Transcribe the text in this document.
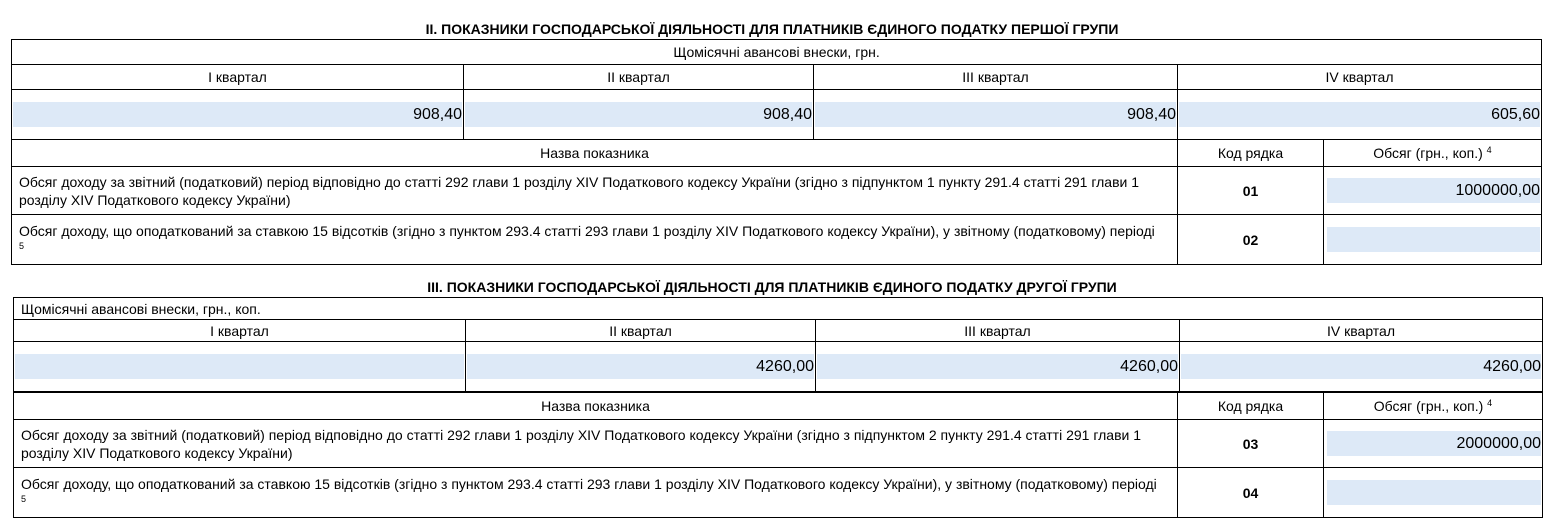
II. ПОКАЗНИКИ ГОСПОДАРСЬКОЇ ДІЯЛЬНОСТІ ДЛЯ ПЛАТНИКІВ ЄДИНОГО ПОДАТКУ ПЕРШОЇ ГРУПИ
Щомісячні авансові внески, грн.			
I квартал	II квартал	III квартал	IV квартал

908,40	908,40	908,40	605,60
Назва показника	Код рядка	Обсяг (грн., коп.) $^4$
Обсяг доходу за звітний (податковий) період відповідно до статті 292 глави 1 розділу XIV Податкового кодексу України (згідно з підпунктом 1 пункту 291.4 статті 291 глави 1 розділу XIV Податкового кодексу України)	01	1000000,00

Обсяг доходу, що оподаткований за ставкою 15 відсотків (згідно з пунктом 293.4 статті 293 глави 1 розділу XIV Податкового кодексу України), у звітному (податковому) періоді $^5$	02	
III. ПОКАЗНИКИ ГОСПОДАРСЬКОЇ ДІЯЛЬНОСТІ ДЛЯ ПЛАТНИКІВ ЄДИНОГО ПОДАТКУ ДРУГОЇ ГРУПИ
Щомісячні авансові внески, грн., коп.			
I квартал	II квартал	III квартал	IV квартал

	4260,00	4260,00	4260,00
Назва показника	Код рядка	Обсяг (грн., коп.) $^4$
Обсяг доходу за звітний (податковий) період відповідно до статті 292 глави 1 розділу XIV Податкового кодексу України (згідно з підпунктом 2 пункту 291.4 статті 291 глави 1 розділу XIV Податкового кодексу України)	03	2000000,00

Обсяг доходу, що оподаткований за ставкою 15 відсотків (згідно з пунктом 293.4 статті 293 глави 1 розділу XIV Податкового кодексу України), у звітному (податковому) періоді $^5$	04	
